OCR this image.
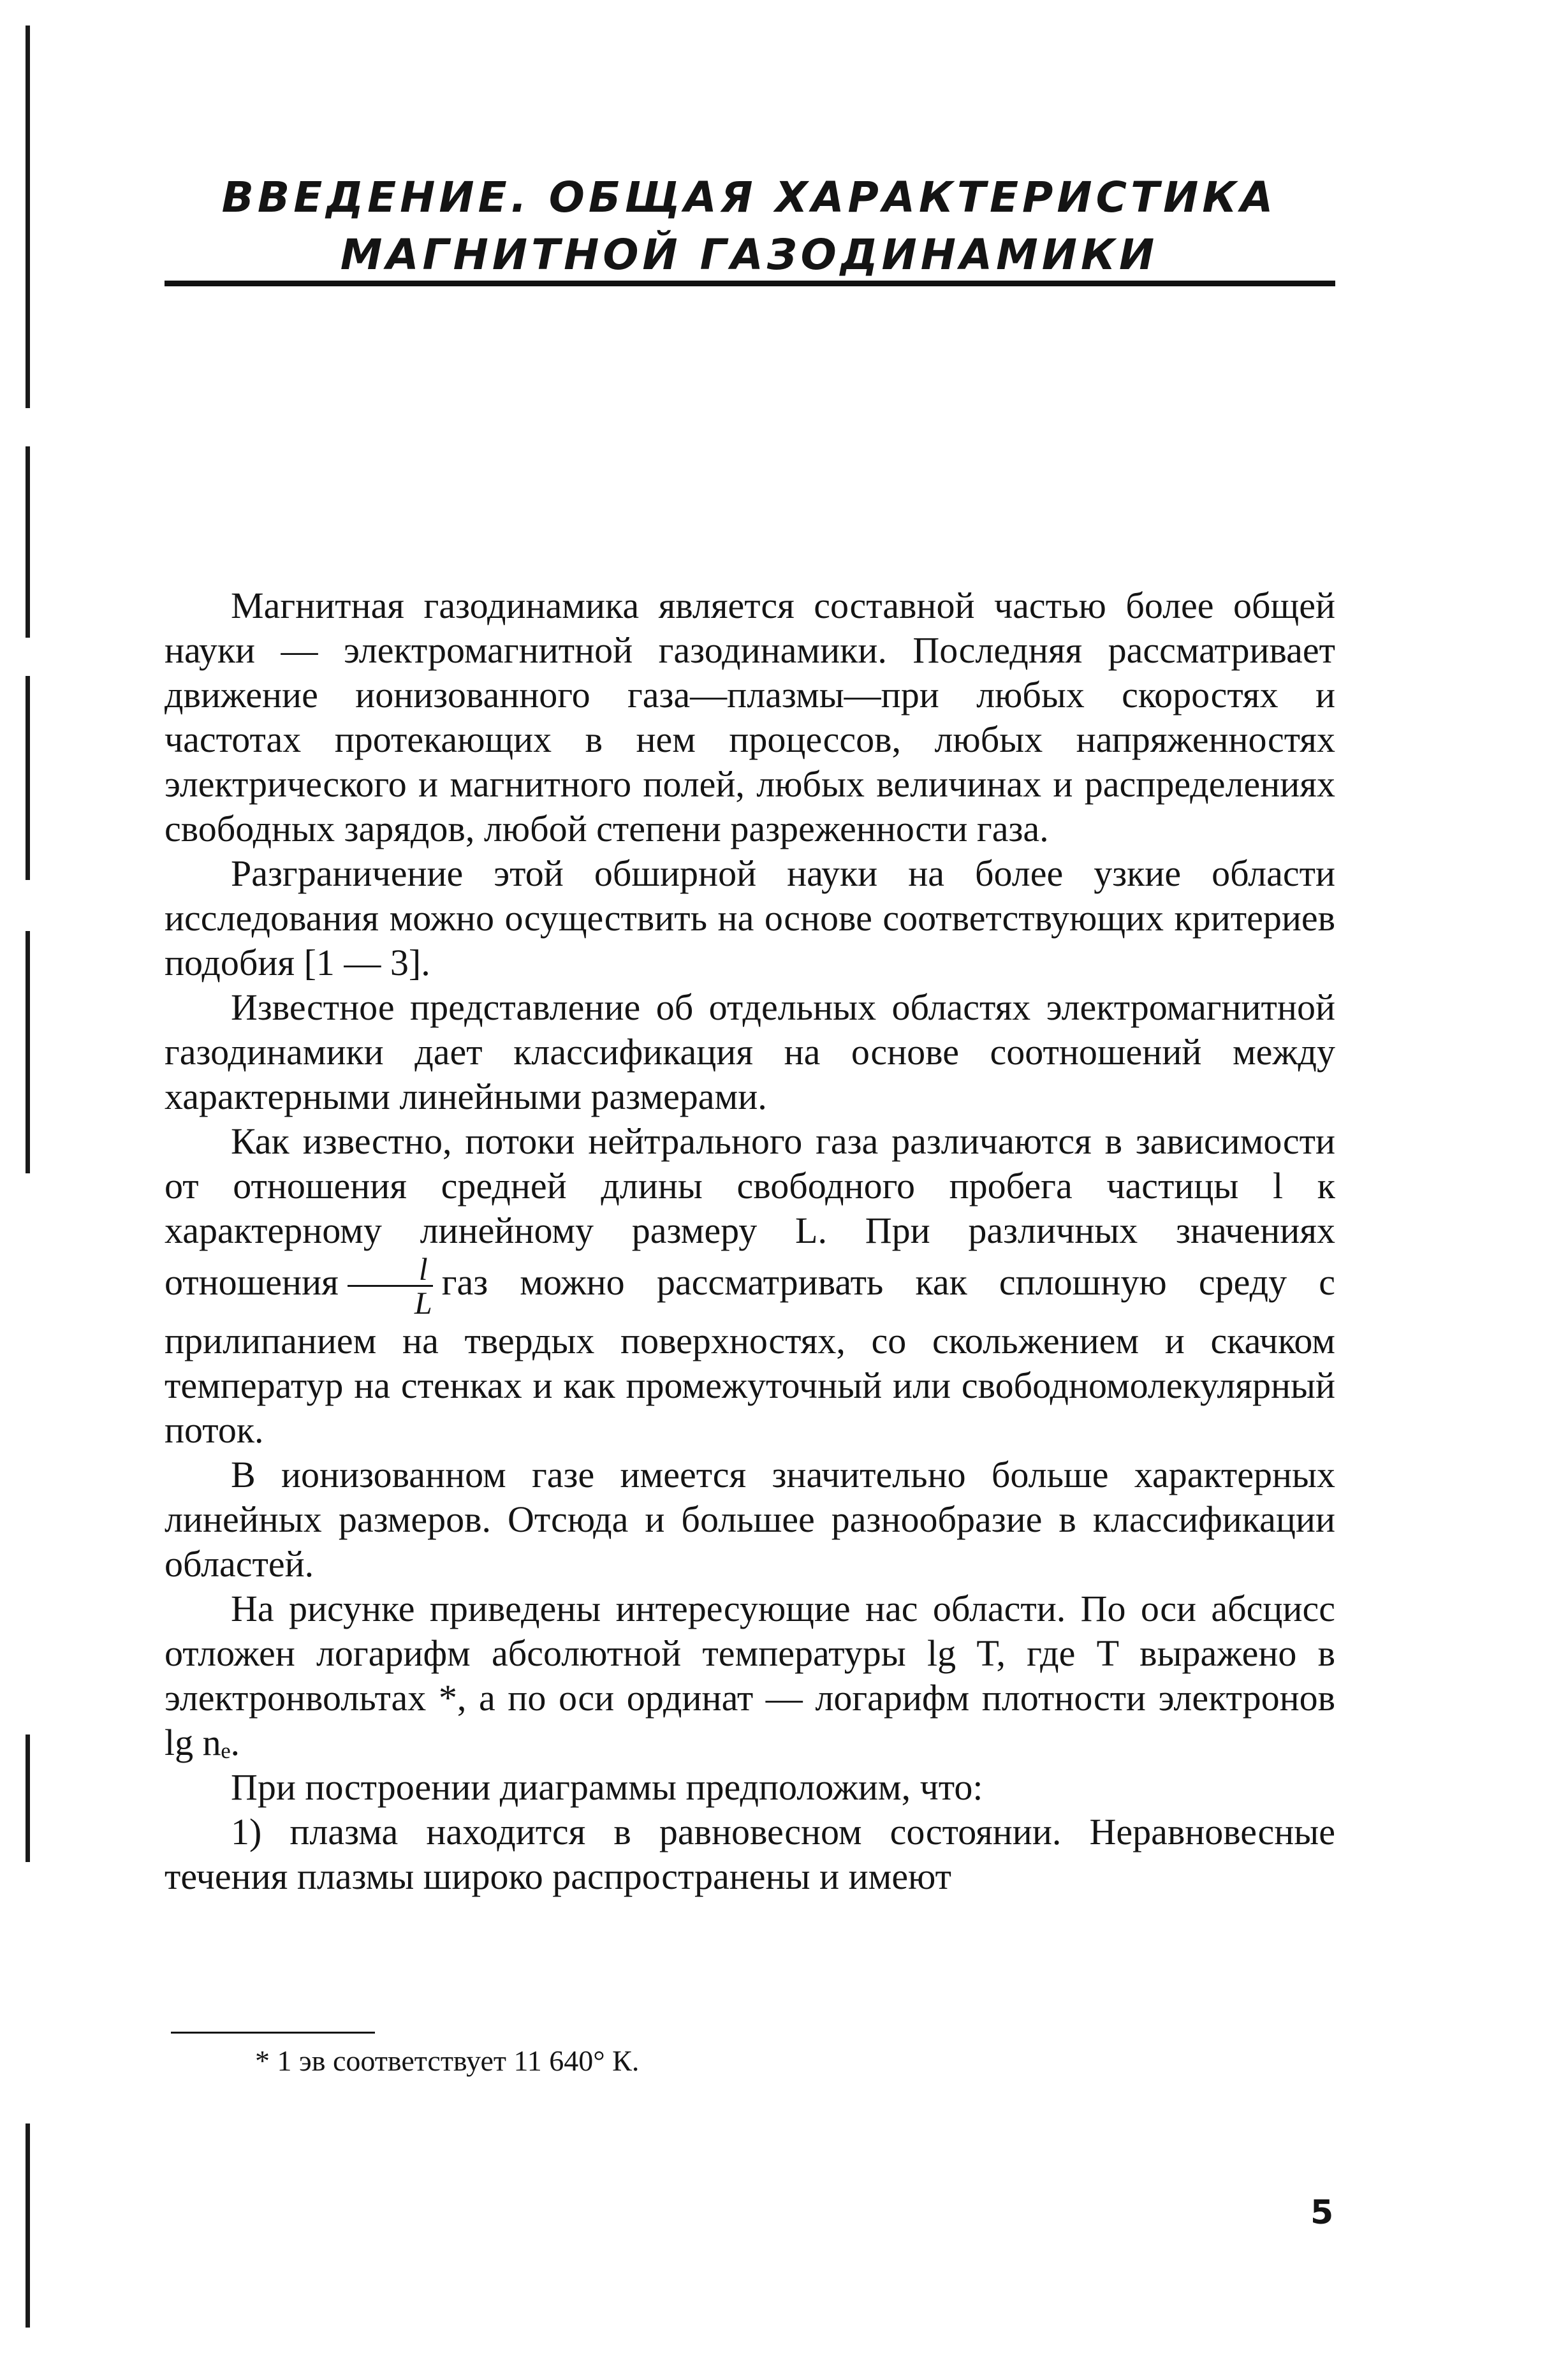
ВВЕДЕНИЕ. ОБЩАЯ ХАРАКТЕРИСТИКА
МАГНИТНОЙ ГАЗОДИНАМИКИ

Магнитная газодинамика является составной частью более общей науки — электромагнитной газодинамики. Последняя рассматривает движение ионизованного газа—плазмы—при любых скоростях и частотах протекающих в нем процессов, любых напряженностях электрического и магнитного полей, любых величинах и распределениях свободных зарядов, любой степени разреженности газа.

Разграничение этой обширной науки на более узкие области исследования можно осуществить на основе соответствующих критериев подобия [1 — 3].

Известное представление об отдельных областях электромагнитной газодинамики дает классификация на основе соотношений между характерными линейными размерами.

Как известно, потоки нейтрального газа различаются в зависимости от отношения средней длины свободного пробега частицы l к характерному линейному размеру L. При различных значениях отношения $\frac{l}{L}$ газ можно рассматривать как сплошную среду с прилипанием на твердых поверхностях, со скольжением и скачком температур на стенках и как промежуточный или свободномолекулярный поток.

В ионизованном газе имеется значительно больше характерных линейных размеров. Отсюда и большее разнообразие в классификации областей.

На рисунке приведены интересующие нас области. По оси абсцисс отложен логарифм абсолютной температуры lg T, где T выражено в электронвольтах *, а по оси ординат — логарифм плотности электронов lg nₑ.

При построении диаграммы предположим, что:

1) плазма находится в равновесном состоянии. Неравновесные течения плазмы широко распространены и имеют

* 1 эв соответствует 11 640° К.
5
